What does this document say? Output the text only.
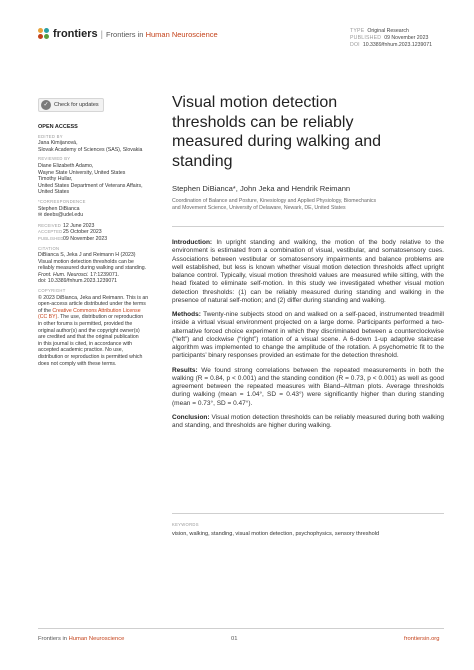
frontiers | Frontiers in Human Neuroscience	TYPE Original Research
PUBLISHED 09 November 2023
DOI 10.3389/fnhum.2023.1239071
✓ Check for updates
OPEN ACCESS
EDITED BY
Jana Kimijanová,
Slovak Academy of Sciences (SAS), Slovakia
REVIEWED BY
Diane Elizabeth Adamo,
Wayne State University, United States
Timothy Hullar,
United States Department of Veterans Affairs,
United States
*CORRESPONDENCE
Stephen DiBianca
✉ deebs@udel.edu
RECEIVED 12 June 2023
ACCEPTED25 October 2023
PUBLISHED09 November 2023
CITATION
DiBianca S, Jeka J and Reimann H (2023)
Visual motion detection thresholds can be
reliably measured during walking and standing.
Front. Hum. Neurosci. 17:1239071.
doi: 10.3389/fnhum.2023.1239071
COPYRIGHT
© 2023 DiBianca, Jeka and Reimann. This is an
open-access article distributed under the terms
of the Creative Commons Attribution License
(CC BY). The use, distribution or reproduction
in other forums is permitted, provided the
original author(s) and the copyright owner(s)
are credited and that the original publication
in this journal is cited, in accordance with
accepted academic practice. No use,
distribution or reproduction is permitted which
does not comply with these terms.
Visual motion detection
thresholds can be reliably
measured during walking and
standing
Stephen DiBianca*, John Jeka and Hendrik Reimann
Coordination of Balance and Posture, Kinesiology and Applied Physiology, Biomechanics
and Movement Science, University of Delaware, Newark, DE, United States

Introduction: In upright standing and walking, the motion of the body relative to the environment is estimated from a combination of visual, vestibular, and somatosensory cues. Associations between vestibular or somatosensory impairments and balance problems are well established, but less is known whether visual motion detection thresholds affect upright balance control. Typically, visual motion threshold values are measured while sitting, with the head fixated to eliminate self-motion. In this study we investigated whether visual motion detection thresholds: (1) can be reliably measured during standing and walking in the presence of natural self-motion; and (2) differ during standing and walking.

Methods: Twenty-nine subjects stood on and walked on a self-paced, instrumented treadmill inside a virtual visual environment projected on a large dome. Participants performed a two-alternative forced choice experiment in which they discriminated between a counterclockwise (“left”) and clockwise (“right”) rotation of a visual scene. A 6-down 1-up adaptive staircase algorithm was implemented to change the amplitude of the rotation. A psychometric fit to the participants’ binary responses provided an estimate for the detection threshold.

Results: We found strong correlations between the repeated measurements in both the walking (R = 0.84, p < 0.001) and the standing condition (R = 0.73, p < 0.001) as well as good agreement between the repeated measures with Bland–Altman plots. Average thresholds during walking (mean = 1.04°, SD = 0.43°) were significantly higher than during standing (mean = 0.73°, SD = 0.47°).

Conclusion: Visual motion detection thresholds can be reliably measured during both walking and standing, and thresholds are higher during walking.

KEYWORDS
vision, walking, standing, visual motion detection, psychophysics, sensory threshold
Frontiers in Human Neuroscience	01	frontiersin.org
